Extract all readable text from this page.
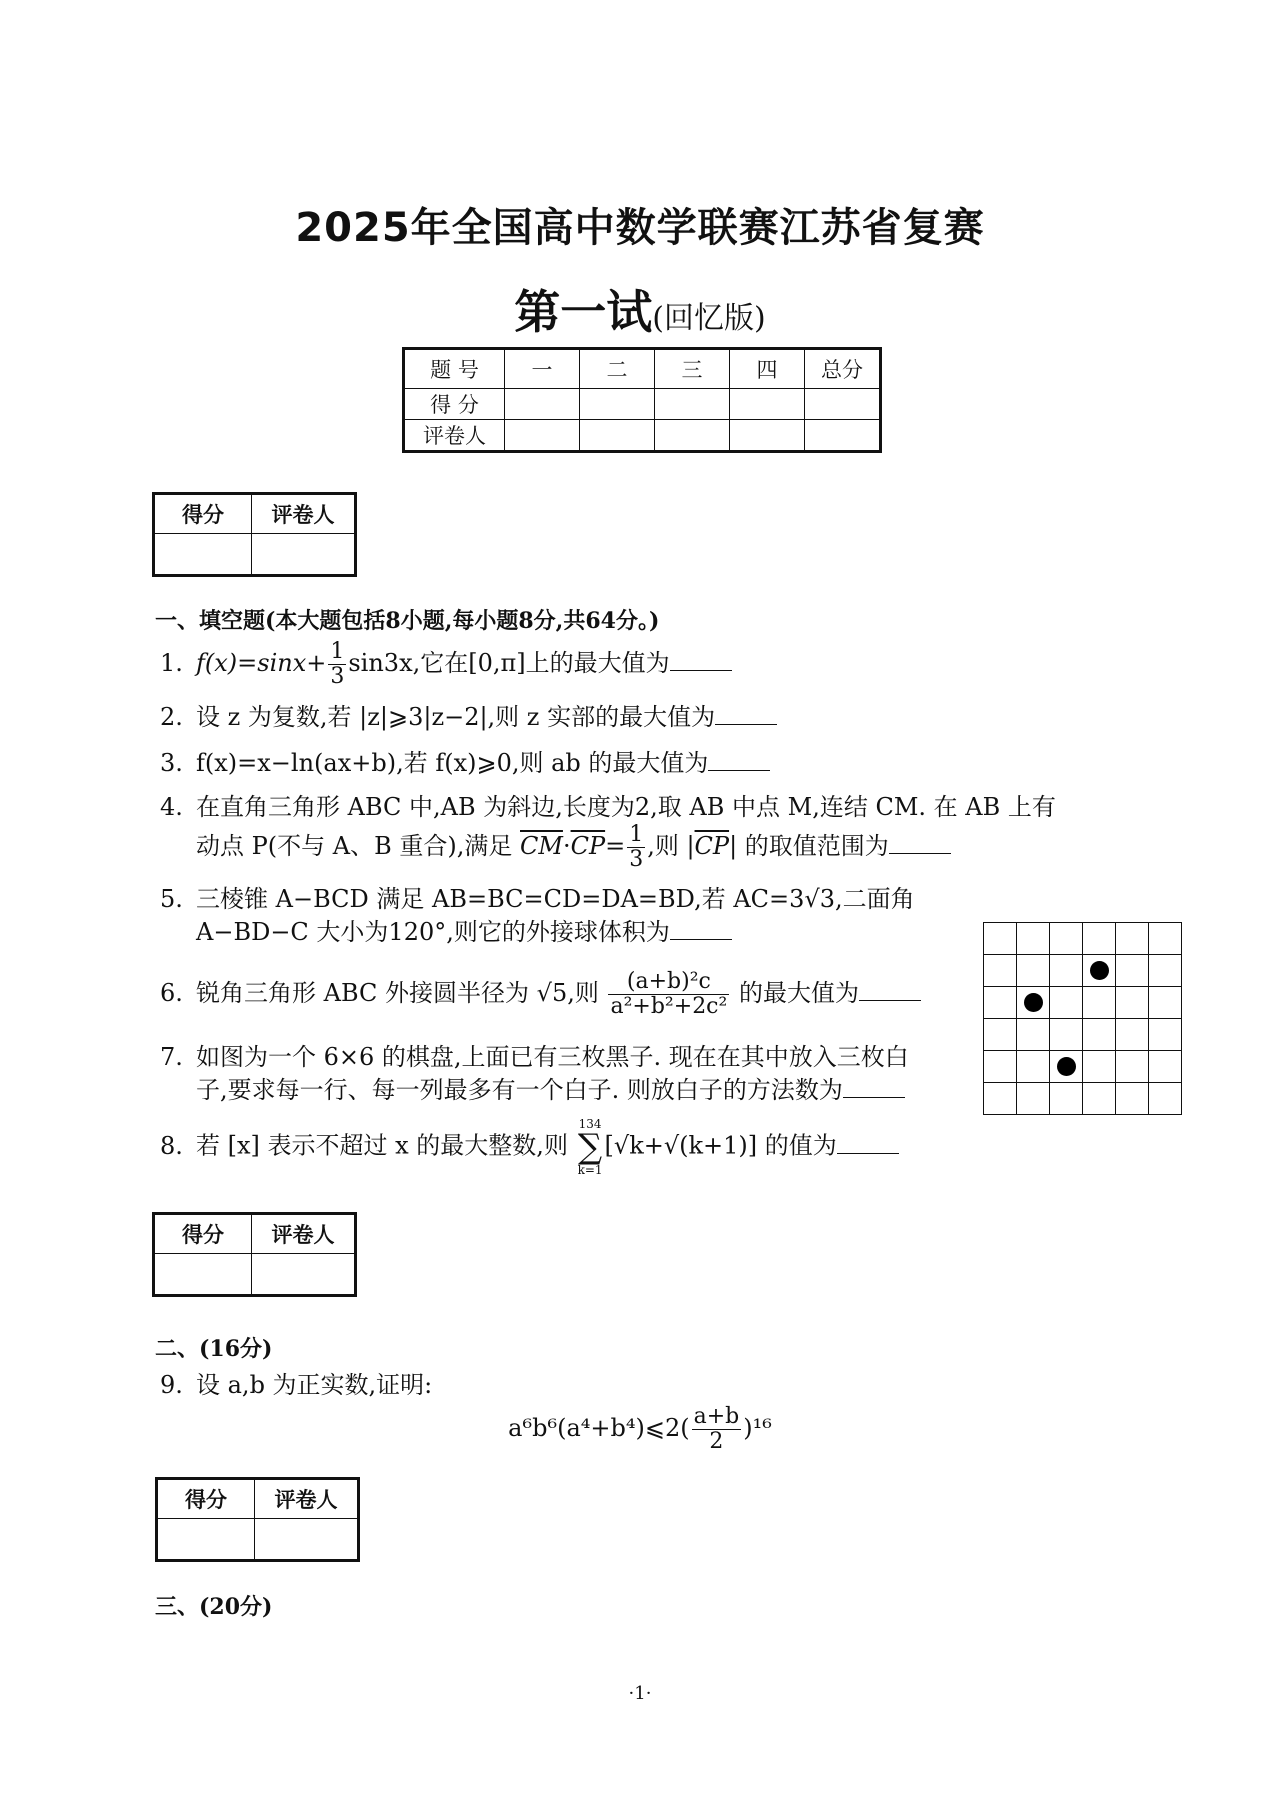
2025年全国高中数学联赛江苏省复赛
第一试(回忆版)
题 号	一	二	三	四	总分
得 分					
评卷人					
得分	评卷人

一、填空题(本大题包括8小题,每小题8分,共64分。)
1. $f(x)=\sin x+ \frac{1}{3} \sin 3x$,它在[0,π]上的最大值为
2. 设 z 为复数,若 |z|⩾3|z−2|,则 z 实部的最大值为
3. f(x)=x−ln(ax+b),若 f(x)⩾0,则 ab 的最大值为
4. 在直角三角形 ABC 中,AB 为斜边,长度为2,取 AB 中点 M,连结 CM. 在 AB 上有
动点 P(不与 A、B 重合),满足 $\overline{CM}\cdot\overline{CP}= \frac{1}{3}$ ,则 $|\overline{CP}|$ 的取值范围为
5. 三棱锥 A−BCD 满足 AB=BC=CD=DA=BD,若 AC=3√3,二面角
A−BD−C 大小为120°,则它的外接球体积为
6. 锐角三角形 ABC 外接圆半径为 √5,则 $\frac{\text{(a+b)²c}}{\text{a²+b²+2c²}}$ 的最大值为
7. 如图为一个 6×6 的棋盘,上面已有三枚黑子. 现在在其中放入三枚白
子,要求每一行、每一列最多有一个白子. 则放白子的方法数为
8. 若 [x] 表示不超过 x 的最大整数,则 134
∑
k=1[√k+√(k+1)] 的值为

得分	评卷人

二、(16分)
9. 设 a,b 为正实数,证明:
a⁶b⁶(a⁴+b⁴)⩽2( $\frac{a+b}{2} )^{16}$
得分	评卷人

三、(20分)
·1·
